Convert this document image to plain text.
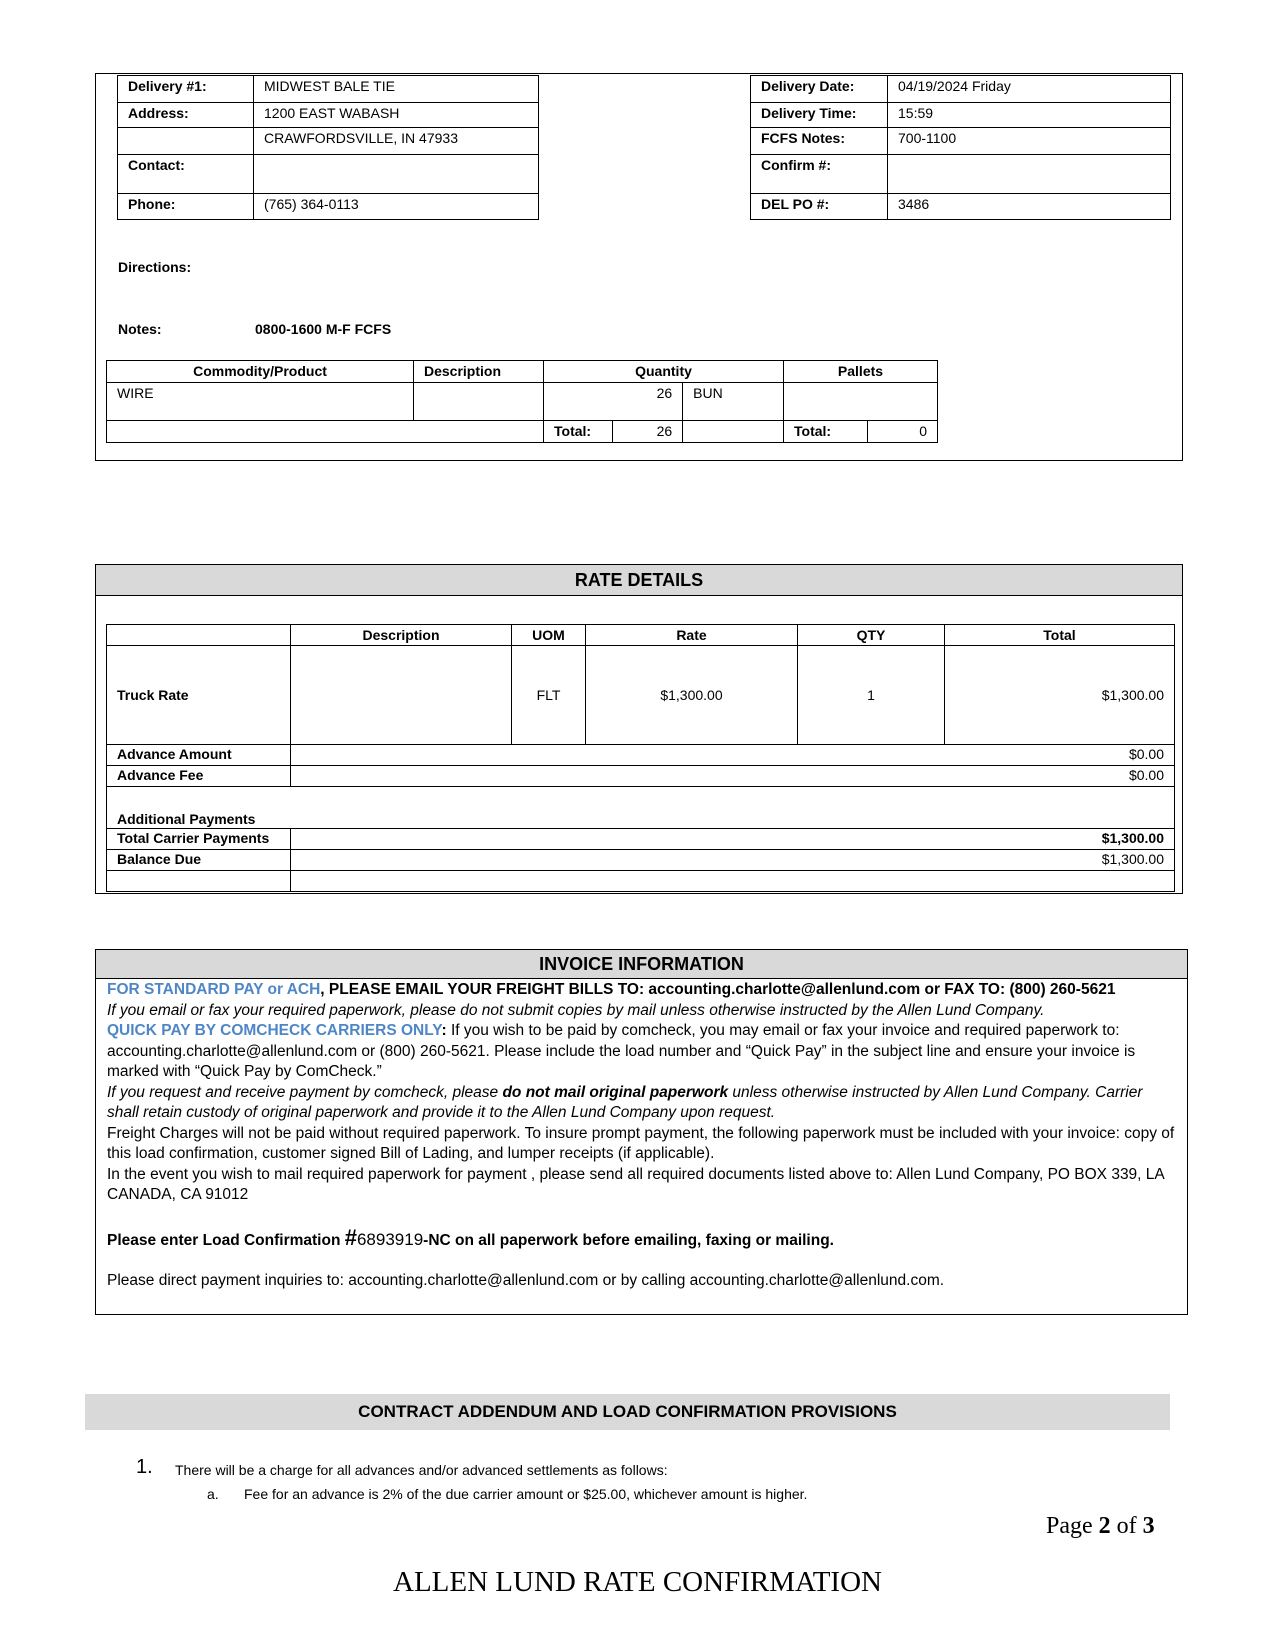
Delivery #1:	MIDWEST BALE TIE
Address:	1200 EAST WABASH
	CRAWFORDSVILLE, IN 47933
Contact:	
Phone:	(765) 364-0113
Delivery Date:	04/19/2024 Friday
Delivery Time:	15:59
FCFS Notes:	700-1100
Confirm #:	
DEL PO #:	3486
Directions:
Notes:	0800-1600 M-F FCFS
Commodity/Product	Description	Quantity			Pallets	
WIRE		26		BUN		
		Total:	26		Total:	0
RATE DETAILS
	Description	UOM	Rate	QTY	Total
Truck Rate		FLT	$1,300.00	1	$1,300.00
Advance Amount	$0.00				
Advance Fee	$0.00				
Additional Payments					
Total Carrier Payments	$1,300.00				
Balance Due	$1,300.00				

INVOICE INFORMATION

FOR STANDARD PAY or ACH, PLEASE EMAIL YOUR FREIGHT BILLS TO: accounting.charlotte@allenlund.com or FAX TO: (800) 260-5621

If you email or fax your required paperwork, please do not submit copies by mail unless otherwise instructed by the Allen Lund Company.

QUICK PAY BY COMCHECK CARRIERS ONLY: If you wish to be paid by comcheck, you may email or fax your invoice and required paperwork to: accounting.charlotte@allenlund.com or (800) 260-5621. Please include the load number and “Quick Pay” in the subject line and ensure your invoice is marked with “Quick Pay by ComCheck.”

If you request and receive payment by comcheck, please do not mail original paperwork unless otherwise instructed by Allen Lund Company. Carrier shall retain custody of original paperwork and provide it to the Allen Lund Company upon request.

Freight Charges will not be paid without required paperwork. To insure prompt payment, the following paperwork must be included with your invoice: copy of this load confirmation, customer signed Bill of Lading, and lumper receipts (if applicable).

In the event you wish to mail required paperwork for payment , please send all required documents listed above to: Allen Lund Company, PO BOX 339, LA CANADA, CA 91012

Please enter Load Confirmation #6893919-NC on all paperwork before emailing, faxing or mailing.

Please direct payment inquiries to: accounting.charlotte@allenlund.com or by calling accounting.charlotte@allenlund.com.

CONTRACT ADDENDUM AND LOAD CONFIRMATION PROVISIONS
1. There will be a charge for all advances and/or advanced settlements as follows:
a. Fee for an advance is 2% of the due carrier amount or $25.00, whichever amount is higher.
Page 2 of 3
ALLEN LUND RATE CONFIRMATION
